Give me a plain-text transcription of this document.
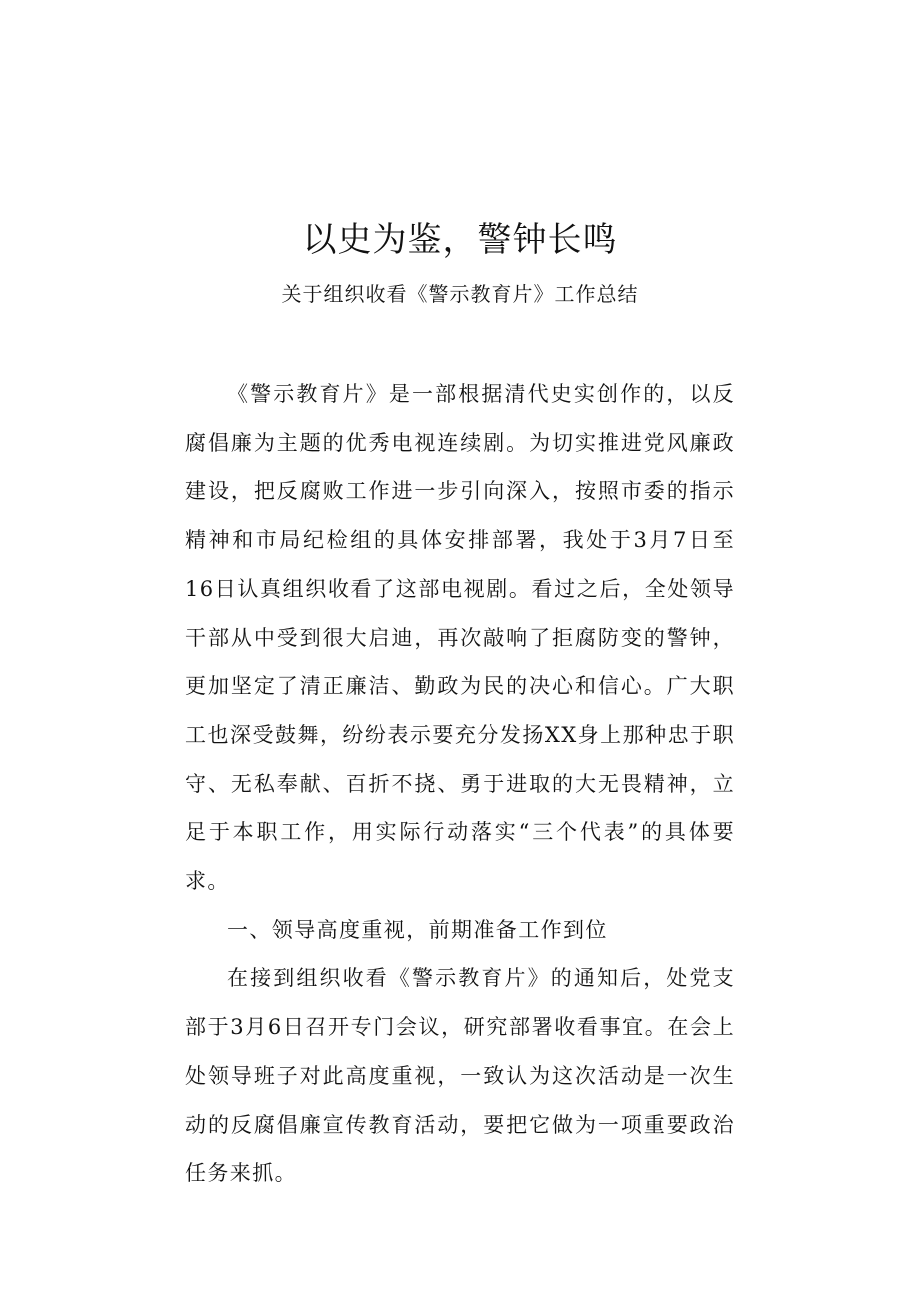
以史为鉴，警钟长鸣
关于组织收看《警示教育片》工作总结

《警示教育片》是一部根据清代史实创作的，以反腐倡廉为主题的优秀电视连续剧。为切实推进党风廉政建设，把反腐败工作进一步引向深入，按照市委的指示精神和市局纪检组的具体安排部署，我处于3月7日至16日认真组织收看了这部电视剧。看过之后，全处领导干部从中受到很大启迪，再次敲响了拒腐防变的警钟，更加坚定了清正廉洁、勤政为民的决心和信心。广大职工也深受鼓舞，纷纷表示要充分发扬XX身上那种忠于职守、无私奉献、百折不挠、勇于进取的大无畏精神，立足于本职工作，用实际行动落实“三个代表”的具体要求。

一、领导高度重视，前期准备工作到位

在接到组织收看《警示教育片》的通知后，处党支部于3月6日召开专门会议，研究部署收看事宜。在会上处领导班子对此高度重视，一致认为这次活动是一次生动的反腐倡廉宣传教育活动，要把它做为一项重要政治任务来抓。
